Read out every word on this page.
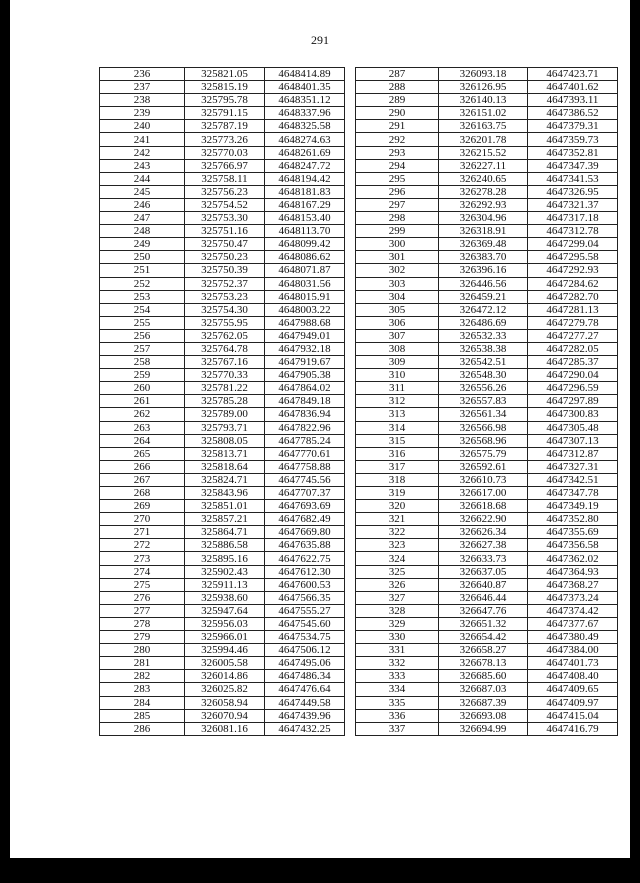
291
236	325821.05	4648414.89
237	325815.19	4648401.35
238	325795.78	4648351.12
239	325791.15	4648337.96
240	325787.19	4648325.58
241	325773.26	4648274.63
242	325770.03	4648261.69
243	325766.97	4648247.72
244	325758.11	4648194.42
245	325756.23	4648181.83
246	325754.52	4648167.29
247	325753.30	4648153.40
248	325751.16	4648113.70
249	325750.47	4648099.42
250	325750.23	4648086.62
251	325750.39	4648071.87
252	325752.37	4648031.56
253	325753.23	4648015.91
254	325754.30	4648003.22
255	325755.95	4647988.68
256	325762.05	4647949.01
257	325764.78	4647932.18
258	325767.16	4647919.67
259	325770.33	4647905.38
260	325781.22	4647864.02
261	325785.28	4647849.18
262	325789.00	4647836.94
263	325793.71	4647822.96
264	325808.05	4647785.24
265	325813.71	4647770.61
266	325818.64	4647758.88
267	325824.71	4647745.56
268	325843.96	4647707.37
269	325851.01	4647693.69
270	325857.21	4647682.49
271	325864.71	4647669.80
272	325886.58	4647635.88
273	325895.16	4647622.75
274	325902.43	4647612.30
275	325911.13	4647600.53
276	325938.60	4647566.35
277	325947.64	4647555.27
278	325956.03	4647545.60
279	325966.01	4647534.75
280	325994.46	4647506.12
281	326005.58	4647495.06
282	326014.86	4647486.34
283	326025.82	4647476.64
284	326058.94	4647449.58
285	326070.94	4647439.96
286	326081.16	4647432.25
287	326093.18	4647423.71
288	326126.95	4647401.62
289	326140.13	4647393.11
290	326151.02	4647386.52
291	326163.75	4647379.31
292	326201.78	4647359.73
293	326215.52	4647352.81
294	326227.11	4647347.39
295	326240.65	4647341.53
296	326278.28	4647326.95
297	326292.93	4647321.37
298	326304.96	4647317.18
299	326318.91	4647312.78
300	326369.48	4647299.04
301	326383.70	4647295.58
302	326396.16	4647292.93
303	326446.56	4647284.62
304	326459.21	4647282.70
305	326472.12	4647281.13
306	326486.69	4647279.78
307	326532.33	4647277.27
308	326538.38	4647282.05
309	326542.51	4647285.37
310	326548.30	4647290.04
311	326556.26	4647296.59
312	326557.83	4647297.89
313	326561.34	4647300.83
314	326566.98	4647305.48
315	326568.96	4647307.13
316	326575.79	4647312.87
317	326592.61	4647327.31
318	326610.73	4647342.51
319	326617.00	4647347.78
320	326618.68	4647349.19
321	326622.90	4647352.80
322	326626.34	4647355.69
323	326627.38	4647356.58
324	326633.73	4647362.02
325	326637.05	4647364.93
326	326640.87	4647368.27
327	326646.44	4647373.24
328	326647.76	4647374.42
329	326651.32	4647377.67
330	326654.42	4647380.49
331	326658.27	4647384.00
332	326678.13	4647401.73
333	326685.60	4647408.40
334	326687.03	4647409.65
335	326687.39	4647409.97
336	326693.08	4647415.04
337	326694.99	4647416.79
